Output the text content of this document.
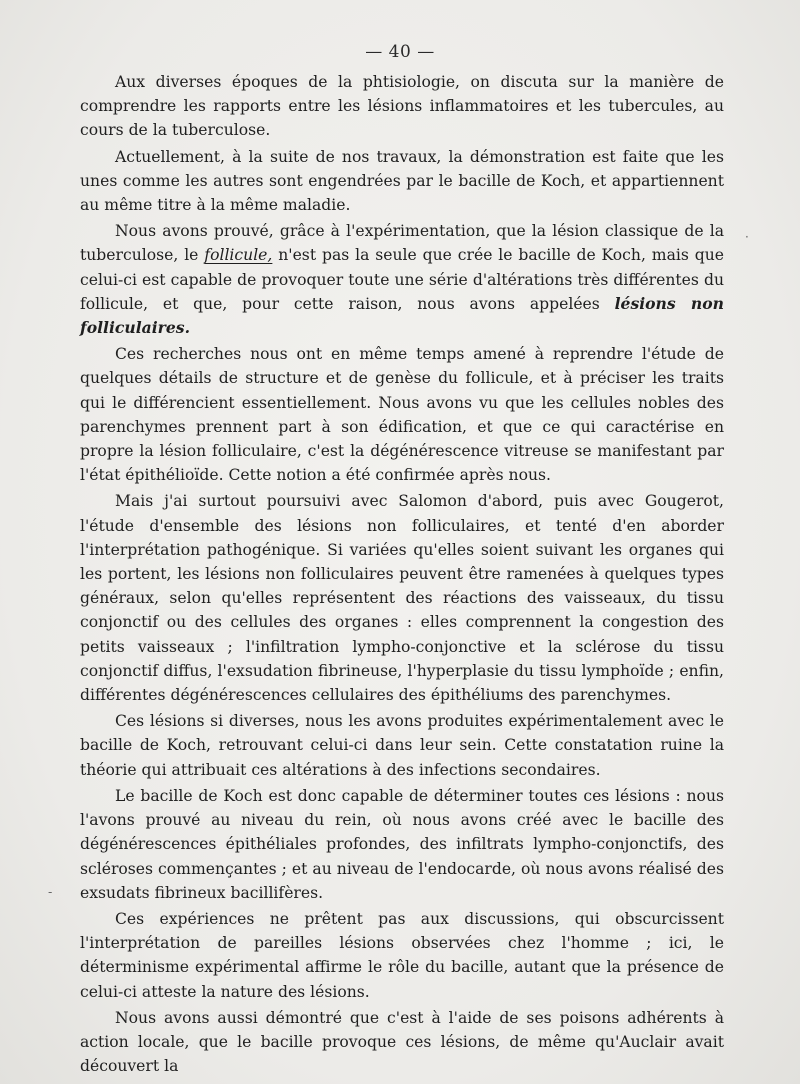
— 40 —

Aux diverses époques de la phtisiologie, on discuta sur la manière de comprendre les rapports entre les lésions inflammatoires et les tubercules, au cours de la tuberculose.

Actuellement, à la suite de nos travaux, la démonstration est faite que les unes comme les autres sont engendrées par le bacille de Koch, et appartiennent au même titre à la même maladie.

Nous avons prouvé, grâce à l'expérimentation, que la lésion classique de la tuberculose, le follicule, n'est pas la seule que crée le bacille de Koch, mais que celui-ci est capable de provoquer toute une série d'altérations très différentes du follicule, et que, pour cette raison, nous avons appelées lésions non folliculaires.

Ces recherches nous ont en même temps amené à reprendre l'étude de quelques détails de structure et de genèse du follicule, et à préciser les traits qui le différencient essentiellement. Nous avons vu que les cellules nobles des parenchymes prennent part à son édification, et que ce qui caractérise en propre la lésion folliculaire, c'est la dégénérescence vitreuse se manifestant par l'état épithélioïde. Cette notion a été confirmée après nous.

Mais j'ai surtout poursuivi avec Salomon d'abord, puis avec Gougerot, l'étude d'ensemble des lésions non folliculaires, et tenté d'en aborder l'interprétation pathogénique. Si variées qu'elles soient suivant les organes qui les portent, les lésions non folliculaires peuvent être ramenées à quelques types généraux, selon qu'elles représentent des réactions des vaisseaux, du tissu conjonctif ou des cellules des organes : elles comprennent la congestion des petits vaisseaux ; l'infiltration lympho-conjonctive et la sclérose du tissu conjonctif diffus, l'exsudation fibrineuse, l'hyperplasie du tissu lymphoïde ; enfin, différentes dégénérescences cellulaires des épithéliums des parenchymes.

Ces lésions si diverses, nous les avons produites expérimentalement avec le bacille de Koch, retrouvant celui-ci dans leur sein. Cette constatation ruine la théorie qui attribuait ces altérations à des infections secondaires.

Le bacille de Koch est donc capable de déterminer toutes ces lésions : nous l'avons prouvé au niveau du rein, où nous avons créé avec le bacille des dégénérescences épithéliales profondes, des infiltrats lympho-conjonctifs, des scléroses commençantes ; et au niveau de l'endocarde, où nous avons réalisé des exsudats fibrineux bacillifères.

Ces expériences ne prêtent pas aux discussions, qui obscurcissent l'interprétation de pareilles lésions observées chez l'homme ; ici, le déterminisme expérimental affirme le rôle du bacille, autant que la présence de celui-ci atteste la nature des lésions.

Nous avons aussi démontré que c'est à l'aide de ses poisons adhérents à action locale, que le bacille provoque ces lésions, de même qu'Auclair avait découvert la

·
-
